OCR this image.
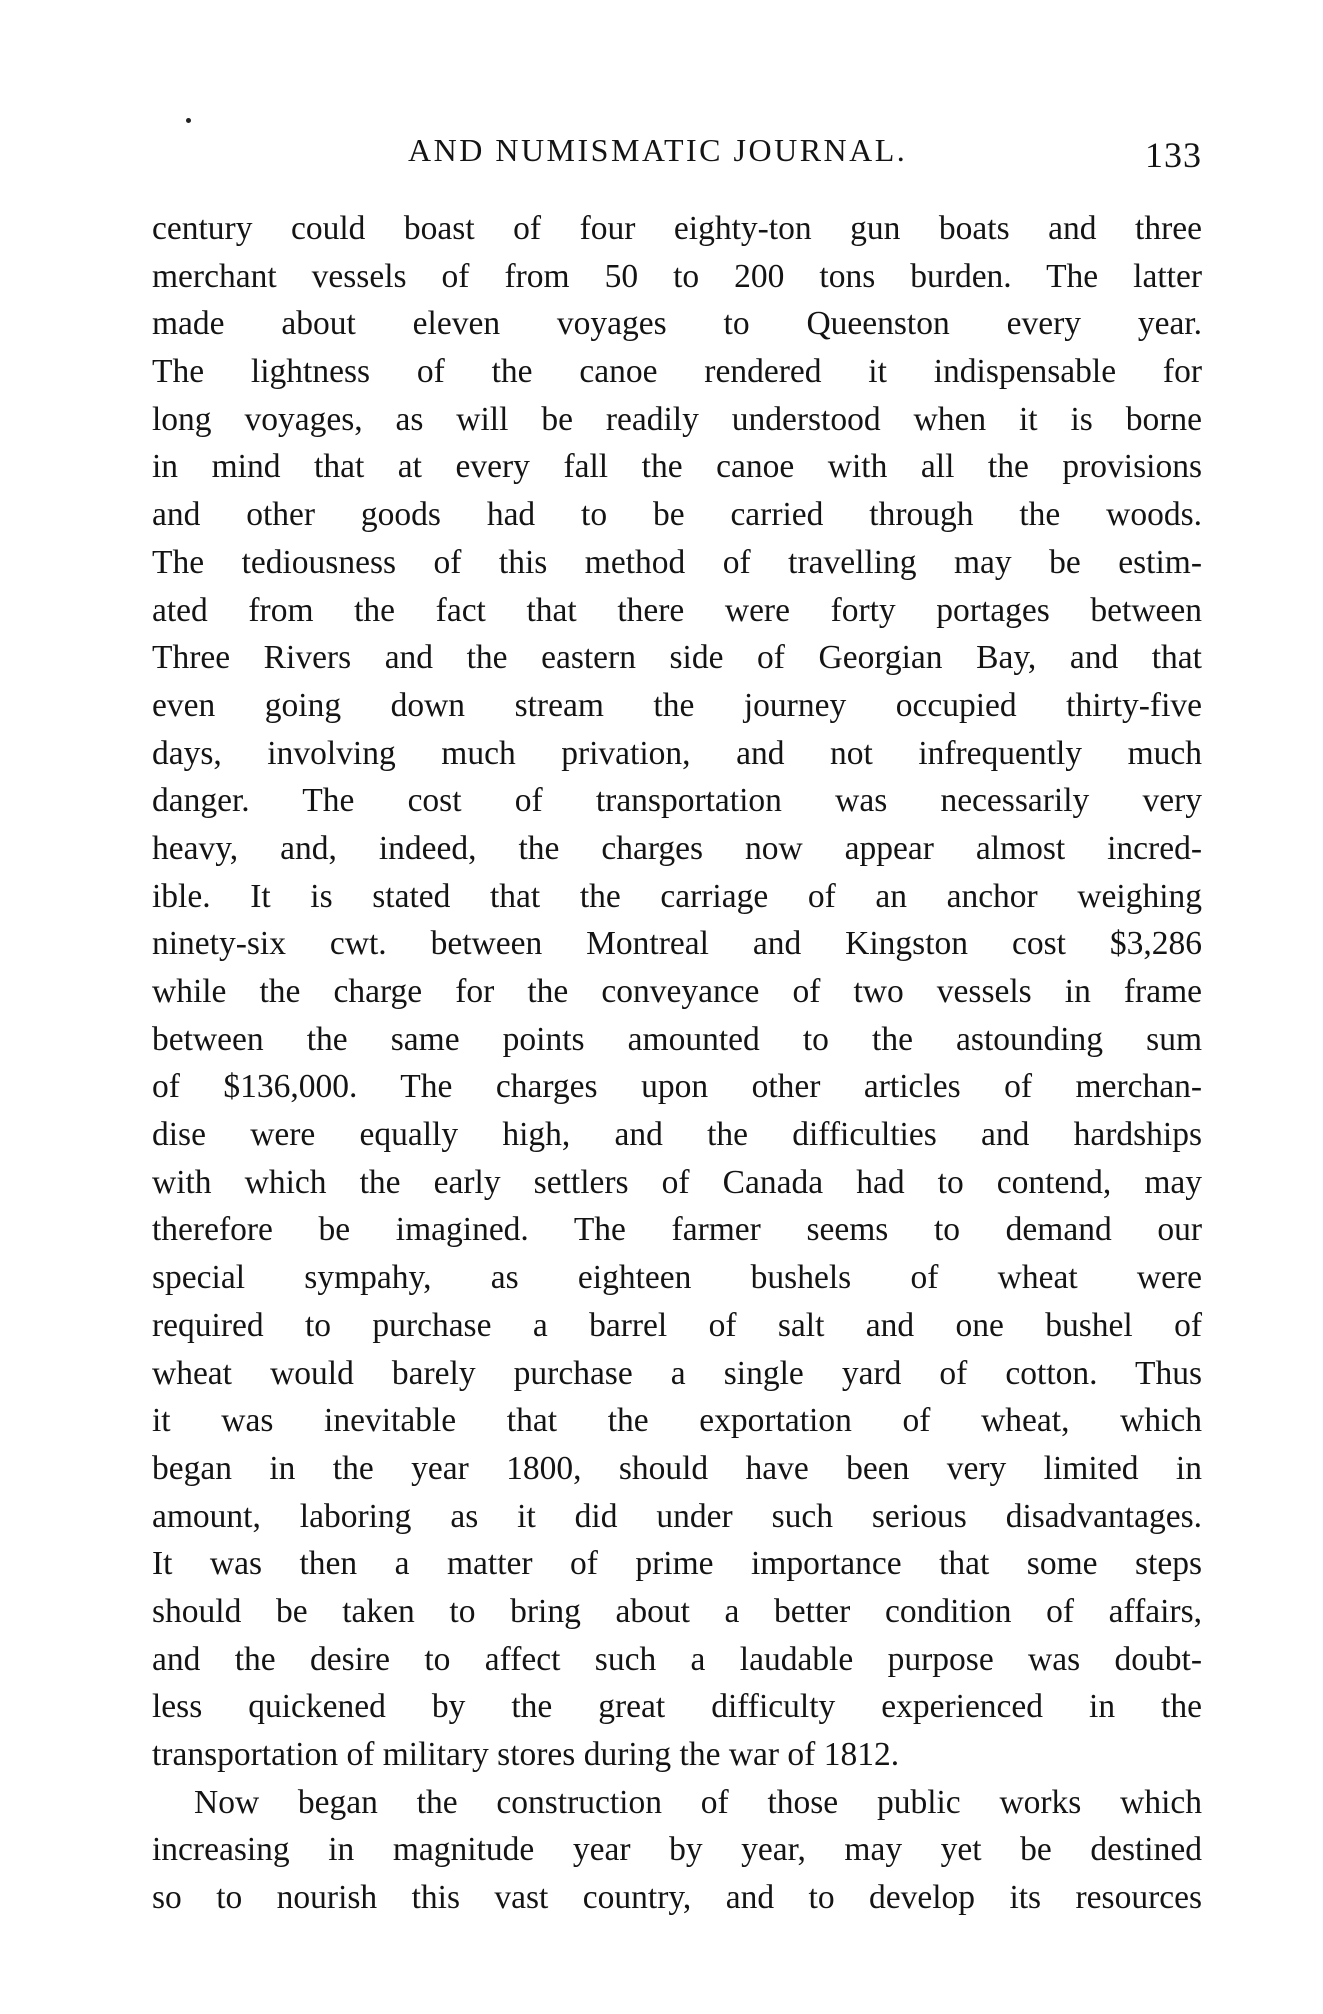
AND NUMISMATIC JOURNAL.	133
century could boast of four eighty-ton gun boats and three
merchant vessels of from 50 to 200 tons burden. The latter
made about eleven voyages to Queenston every year.
The lightness of the canoe rendered it indispensable for
long voyages, as will be readily understood when it is borne
in mind that at every fall the canoe with all the provisions
and other goods had to be carried through the woods.
The tediousness of this method of travelling may be estim-
ated from the fact that there were forty portages between
Three Rivers and the eastern side of Georgian Bay, and that
even going down stream the journey occupied thirty-five
days, involving much privation, and not infrequently much
danger. The cost of transportation was necessarily very
heavy, and, indeed, the charges now appear almost incred-
ible. It is stated that the carriage of an anchor weighing
ninety-six cwt. between Montreal and Kingston cost $3,286
while the charge for the conveyance of two vessels in frame
between the same points amounted to the astounding sum
of $136,000. The charges upon other articles of merchan-
dise were equally high, and the difficulties and hardships
with which the early settlers of Canada had to contend, may
therefore be imagined. The farmer seems to demand our
special sympahy, as eighteen bushels of wheat were
required to purchase a barrel of salt and one bushel of
wheat would barely purchase a single yard of cotton. Thus
it was inevitable that the exportation of wheat, which
began in the year 1800, should have been very limited in
amount, laboring as it did under such serious disadvantages.
It was then a matter of prime importance that some steps
should be taken to bring about a better condition of affairs,
and the desire to affect such a laudable purpose was doubt-
less quickened by the great difficulty experienced in the
transportation of military stores during the war of 1812.
Now began the construction of those public works which
increasing in magnitude year by year, may yet be destined
so to nourish this vast country, and to develop its resources
